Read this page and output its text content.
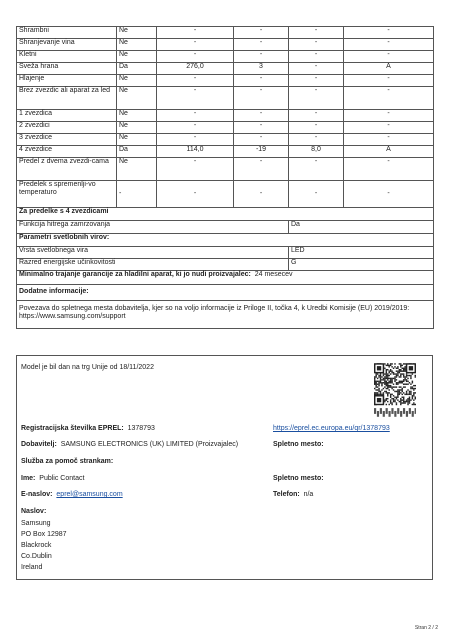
Shrambni	Ne	-	-	-	-
Shranjevanje vina	Ne	-	-	-	-
Kletni	Ne	-	-	-	-
Sveža hrana	Da	276,0	3	-	A
Hlajenje	Ne	-	-	-	-
Brez zvezdic ali aparat za led	Ne	-	-	-	-
1 zvezdica	Ne	-	-	-	-
2 zvezdici	Ne	-	-	-	-
3 zvezdice	Ne	-	-	-	-
4 zvezdice	Da	114,0	-19	8,0	A
Predel z dvema zvezdi-cama	Ne	-	-	-	-
Predelek s spremenlji-vo temperaturo	-	-	-	-	-
Za predelke s 4 zvezdicami					
Funkcija hitrega zamrzovanja				Da	
Parametri svetlobnih virov:					
Vrsta svetlobnega vira				LED	
Razred energijske učinkovitosti				G	
Minimalno trajanje garancije za hladilni aparat, ki jo nudi proizvajalec: 24 mesecev					
Dodatne informacije:					
Povezava do spletnega mesta dobavitelja, kjer so na voljo informacije iz Priloge II, točka 4, k Uredbi Komisije (EU) 2019/2019: https://www.samsung.com/support					
Model je bil dan na trg Unije od 18/11/2022
Registracijska številka EPREL: 1378793	https://eprel.ec.europa.eu/qr/1378793
Dobavitelj: SAMSUNG ELECTRONICS (UK) LIMITED (Proizvajalec)	Spletno mesto:
Služba za pomoč strankam:
Ime: Public Contact	Spletno mesto:
E-naslov: eprel@samsung.com	Telefon: n/a
Naslov:
Samsung
PO Box 12987
Blackrock
Co.Dublin
Ireland
Stran 2 / 2
